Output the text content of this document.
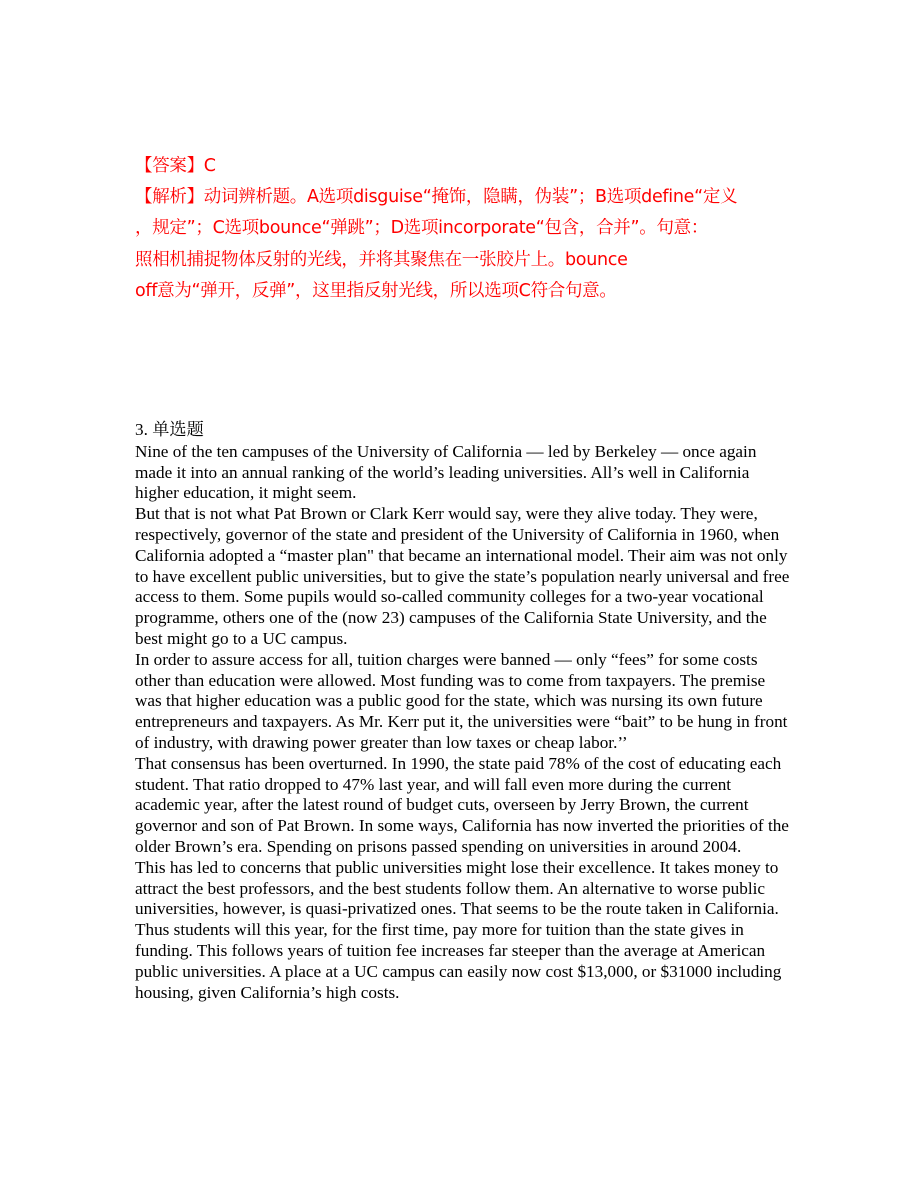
【答案】C

【解析】动词辨析题。A选项disguise“掩饰，隐瞒，伪装”；B选项define“定义

，规定”；C选项bounce“弹跳”；D选项incorporate“包含，合并”。句意：

照相机捕捉物体反射的光线，并将其聚焦在一张胶片上。bounce

off意为“弹开，反弹”，这里指反射光线，所以选项C符合句意。

3. 单选题

Nine of the ten campuses of the University of California — led by Berkeley ― once again made it into an annual ranking of the world’s leading universities. All’s well in California higher education, it might seem.

But that is not what Pat Brown or Clark Kerr would say, were they alive today. They were, respectively, governor of the state and president of the University of California in 1960, when California adopted a “master plan" that became an international model. Their aim was not only to have excellent public universities, but to give the state’s population nearly universal and free access to them. Some pupils would so-called community colleges for a two-year vocational programme, others one of the (now 23) campuses of the California State University, and the best might go to a UC campus.

In order to assure access for all, tuition charges were banned — only “fees” for some costs other than education were allowed. Most funding was to come from taxpayers. The premise was that higher education was a public good for the state, which was nursing its own future entrepreneurs and taxpayers. As Mr. Kerr put it, the universities were “bait” to be hung in front of industry, with drawing power greater than low taxes or cheap labor.’’

That consensus has been overturned. In 1990, the state paid 78% of the cost of educating each student. That ratio dropped to 47% last year, and will fall even more during the current academic year, after the latest round of budget cuts, overseen by Jerry Brown, the current governor and son of Pat Brown. In some ways, California has now inverted the priorities of the older Brown’s era. Spending on prisons passed spending on universities in around 2004.

This has led to concerns that public universities might lose their excellence. It takes money to attract the best professors, and the best students follow them. An alternative to worse public universities, however, is quasi-privatized ones. That seems to be the route taken in California.

Thus students will this year, for the first time, pay more for tuition than the state gives in funding. This follows years of tuition fee increases far steeper than the average at American public universities. A place at a UC campus can easily now cost $13,000, or $31000 including housing, given California’s high costs.
